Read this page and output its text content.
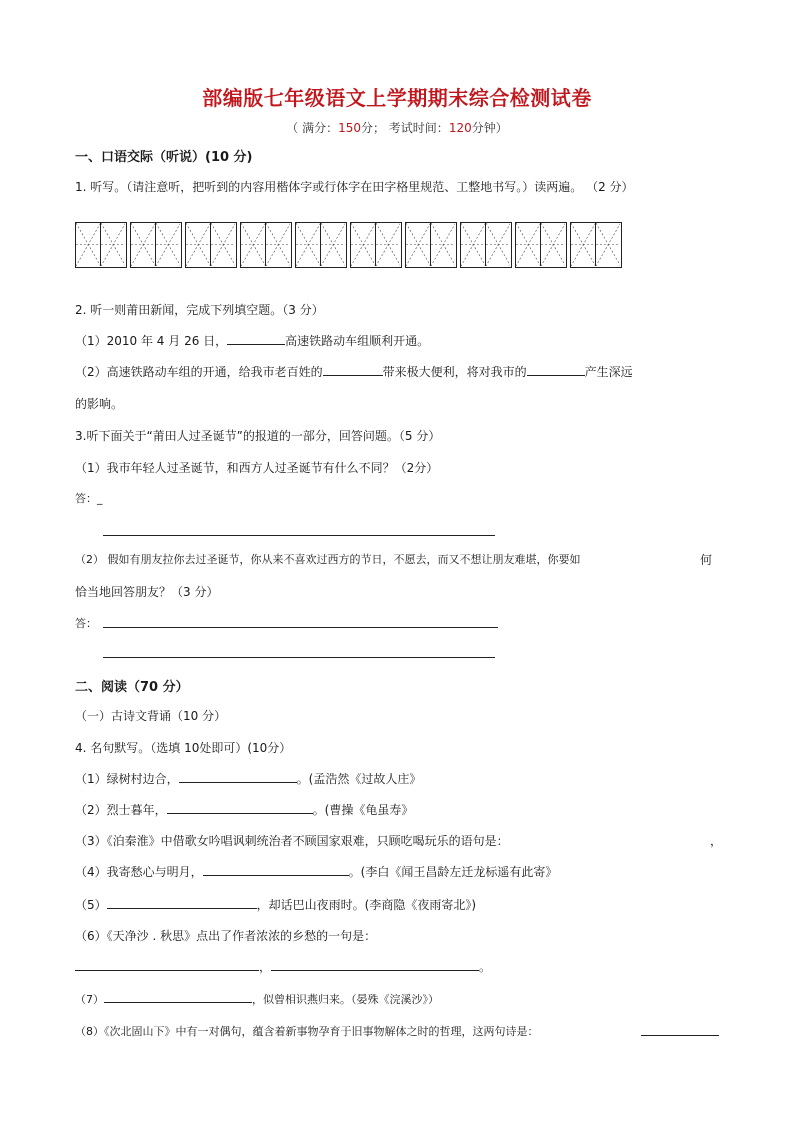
部编版七年级语文上学期期末综合检测试卷
（ 满分：150分； 考试时间：120分钟）
一、口语交际（听说）(10 分)
1. 听写。（请注意听，把听到的内容用楷体字或行体字在田字格里规范、工整地书写。）读两遍。 （2 分）
2. 听一则莆田新闻，完成下列填空题。（3 分）
（1）2010 年 4 月 26 日，	高速铁路动车组顺利开通。
（2）高速铁路动车组的开通，给我市老百姓的	带来极大便利，将对我市的	产生深远
的影响。
3.听下面关于“莆田人过圣诞节”的报道的一部分，回答问题。（5 分）
（1）我市年轻人过圣诞节，和西方人过圣诞节有什么不同？（2分）
答：_
（2） 假如有朋友拉你去过圣诞节，你从来不喜欢过西方的节日，不愿去，而又不想让朋友难堪，你要如	何
恰当地回答朋友？（3 分）
答：
二、阅读（70 分）
（一）古诗文背诵（10 分）
4. 名句默写。（选填 10处即可）(10分）
（1）绿树村边合，	。(孟浩然《过故人庄》
（2）烈士暮年，	。(曹操《龟虽寿》
（3）《泊秦淮》中借歌女吟唱讽刺统治者不顾国家艰难，只顾吃喝玩乐的语句是：	，
（4）我寄愁心与明月，	。(李白《闻王昌龄左迁龙标遥有此寄》
（5）	，却话巴山夜雨时。(李商隐《夜雨寄北》)
（6）《天净沙 . 秋思》点出了作者浓浓的乡愁的一句是：
，	。
（7）	，似曾相识燕归来。（晏殊《浣溪沙》）
（8）《次北固山下》中有一对偶句，蕴含着新事物孕育于旧事物解体之时的哲理，这两句诗是：
